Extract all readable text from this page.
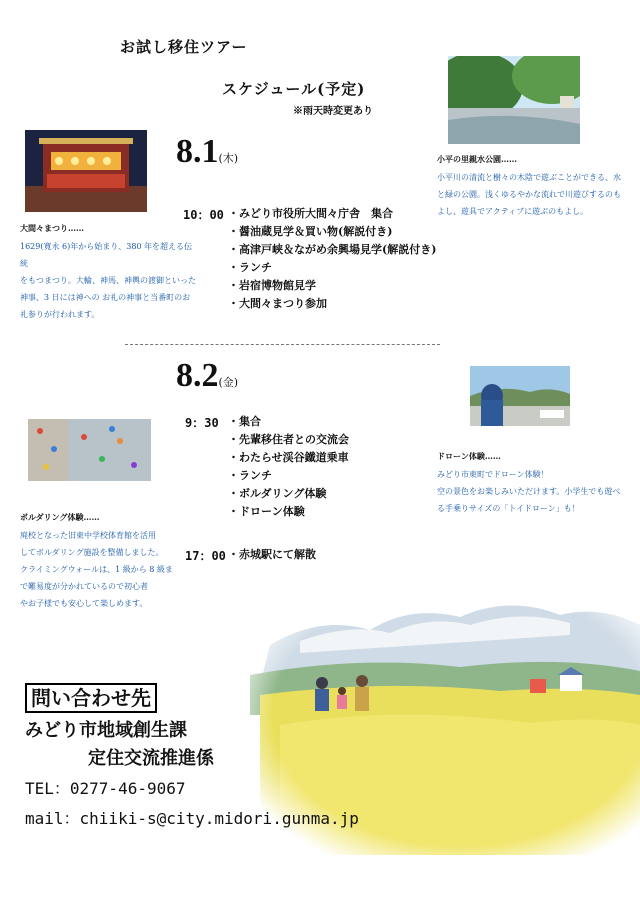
お試し移住ツアー
スケジュール(予定)
※雨天時変更あり
8.1(木)
大間々まつり……
1629(寛永 6)年から始まり、380 年を超える伝統
をもつまつり。大輪、神馬、神輿の渡御といった
神事、3 日には神への お礼の神事と当番町のお
礼参りが行われます。
小平の里親水公園……
小平川の清流と樹々の木陰で遊ぶことができる、水
と緑の公園。浅くゆるやかな流れで川遊びするのも
よし、遊具でアクティブに遊ぶのもよし。
10：00 ・みどり市役所大間々庁舎　集合
・醤油蔵見学＆買い物(解説付き)
・高津戸峡＆ながめ余興場見学(解説付き)
・ランチ
・岩宿博物館見学
・大間々まつり参加
8.2(金)
9：30 ・集合
・先輩移住者との交流会
・わたらせ渓谷鐵道乗車
・ランチ
・ボルダリング体験
・ドローン体験
ドローン体験……
みどり市東町でドローン体験！
空の景色をお楽しみいただけます。小学生でも遊べ
る手乗りサイズの「トイドローン」も！
ボルダリング体験……
廃校となった旧東中学校体育館を活用
してボルダリング施設を整備しました。
クライミングウォールは、1 級から 8 級ま
で難易度が分かれているので初心者
やお子様でも安心して楽しめます。
17：00 ・赤城駅にて解散
問い合わせ先
みどり市地域創生課
定住交流推進係
TEL：0277-46-9067
mail：chiiki-s@city.midori.gunma.jp
